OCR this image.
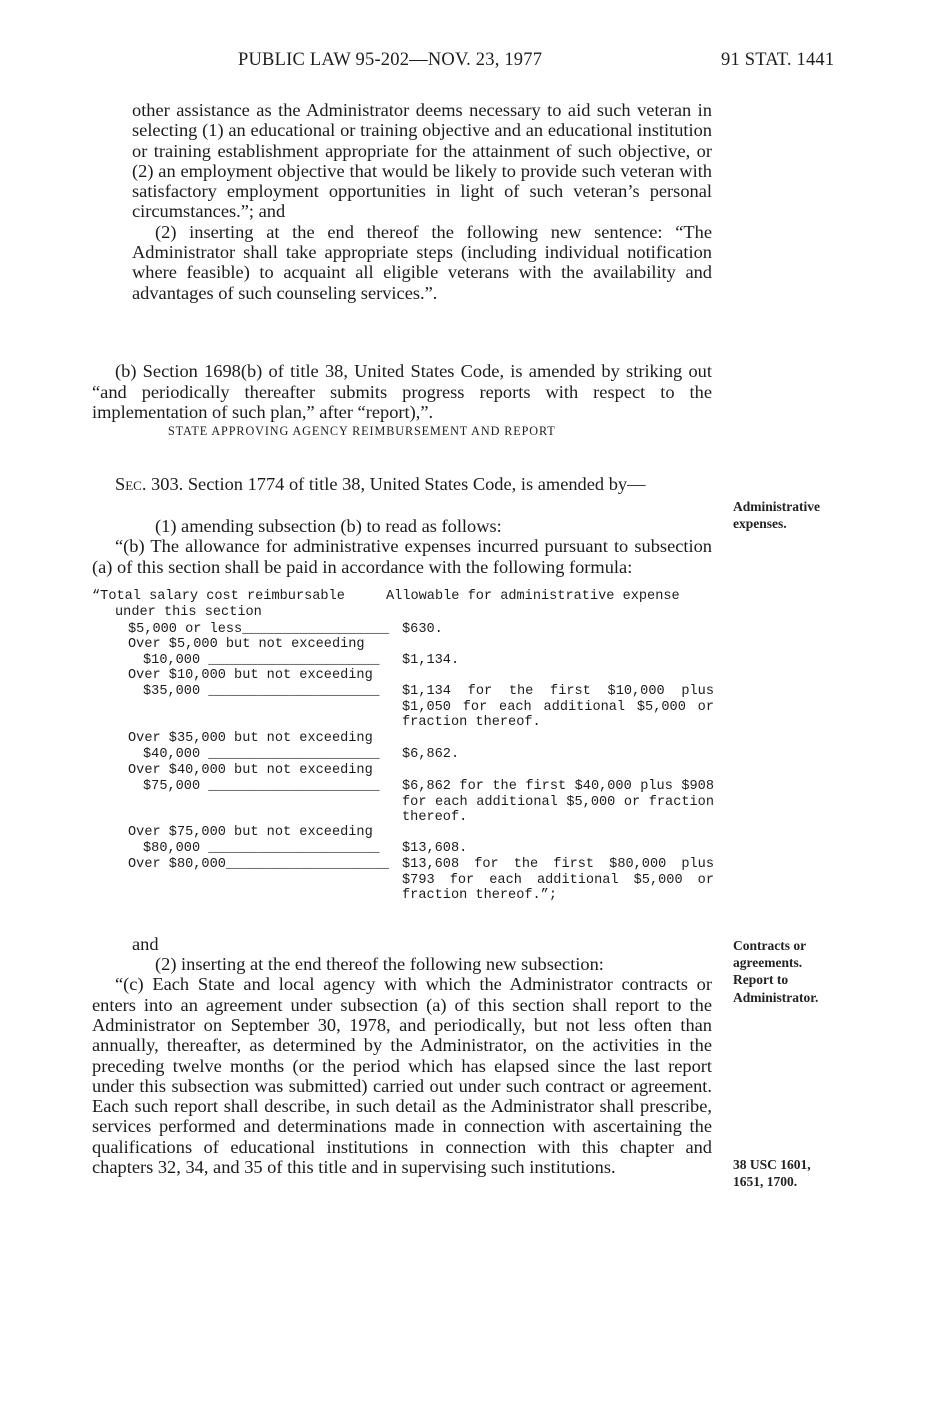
PUBLIC LAW 95-202—NOV. 23, 1977	91 STAT. 1441

other assistance as the Administrator deems necessary to aid such veteran in selecting (1) an educational or training objective and an educational institution or training establishment appropriate for the attainment of such objective, or (2) an employment objective that would be likely to provide such veteran with satisfactory employment opportunities in light of such veteran’s personal circumstances.”; and

(2) inserting at the end thereof the following new sentence: “The Administrator shall take appropriate steps (including individual notification where feasible) to acquaint all eligible veterans with the availability and advantages of such counseling services.”.

(b) Section 1698(b) of title 38, United States Code, is amended by striking out “and periodically thereafter submits progress reports with respect to the implementation of such plan,” after “report),”.

STATE APPROVING AGENCY REIMBURSEMENT AND REPORT

Sec. 303. Section 1774 of title 38, United States Code, is amended by—

(1) amending subsection (b) to read as follows:

“(b) The allowance for administrative expenses incurred pursuant to subsection (a) of this section shall be paid in accordance with the following formula:

“Total salary cost reimbursable
under this section
Allowable for administrative expense
$5,000 or less__________________ $630.
Over $5,000 but not exceeding
$10,000 _____________________ $1,134.
Over $10,000 but not exceeding
$35,000 _____________________ $1,134 for the first $10,000 plus $1,050 for each additional $5,000 or fraction thereof.
Over $35,000 but not exceeding
$40,000 _____________________ $6,862.
Over $40,000 but not exceeding
$75,000 _____________________ $6,862 for the first $40,000 plus $908 for each additional $5,000 or fraction thereof.
Over $75,000 but not exceeding
$80,000 _____________________ $13,608.
Over $80,000____________________ $13,608 for the first $80,000 plus $793 for each additional $5,000 or fraction thereof.”;

and

(2) inserting at the end thereof the following new subsection:

“(c) Each State and local agency with which the Administrator contracts or enters into an agreement under subsection (a) of this section shall report to the Administrator on September 30, 1978, and periodically, but not less often than annually, thereafter, as determined by the Administrator, on the activities in the preceding twelve months (or the period which has elapsed since the last report under this subsection was submitted) carried out under such contract or agreement. Each such report shall describe, in such detail as the Administrator shall prescribe, services performed and determinations made in connection with ascertaining the qualifications of educational institutions in connection with this chapter and chapters 32, 34, and 35 of this title and in supervising such institutions.

Administrative
expenses.
Contracts or
agreements.
Report to
Administrator.
38 USC 1601,
1651, 1700.
